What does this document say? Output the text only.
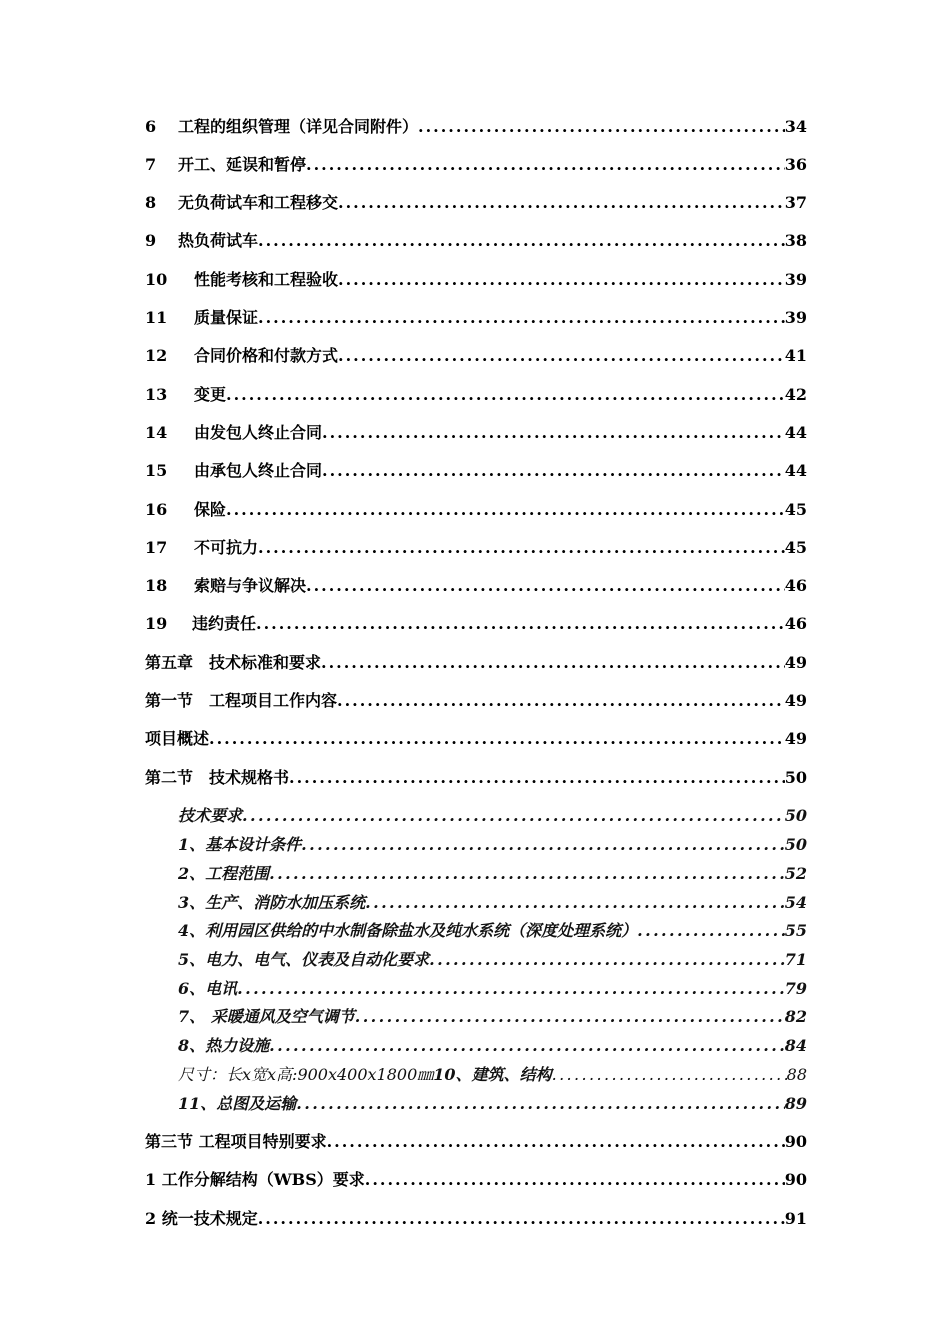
6 工程的组织管理（详见合同附件） .....	34
7 开工、延误和暂停 .....	36
8 无负荷试车和工程移交 .....	37
9 热负荷试车 .....	38
10 性能考核和工程验收 .....	39
11 质量保证 .....	39
12 合同价格和付款方式 .....	41
13 变更 .....	42
14 由发包人终止合同 .....	44
15 由承包人终止合同 .....	44
16 保险 .....	45
17 不可抗力 .....	45
18 索赔与争议解决 .....	46
19 违约责任 .....	46
第五章　技术标准和要求 .....	49
第一节　工程项目工作内容 .....	49
项目概述 .....	49
第二节　技术规格书 .....	50
技术要求 .....	50
1、基本设计条件 .....	50
2、工程范围 .....	52
3、生产、消防水加压系统 .....	54
4、利用园区供给的中水制备除盐水及纯水系统（深度处理系统） .....	55
5、电力、电气、仪表及自动化要求 .....	71
6、电讯 .....	79
7、 采暖通风及空气调节 .....	82
8、热力设施 .....	84
尺寸：长x宽x高:900x400x1800㎜10、建筑、结构 .....	88
11、总图及运输 .....	89
第三节 工程项目特别要求 .....	90
1 工作分解结构（WBS）要求 .....	90
2 统一技术规定 .....	91
